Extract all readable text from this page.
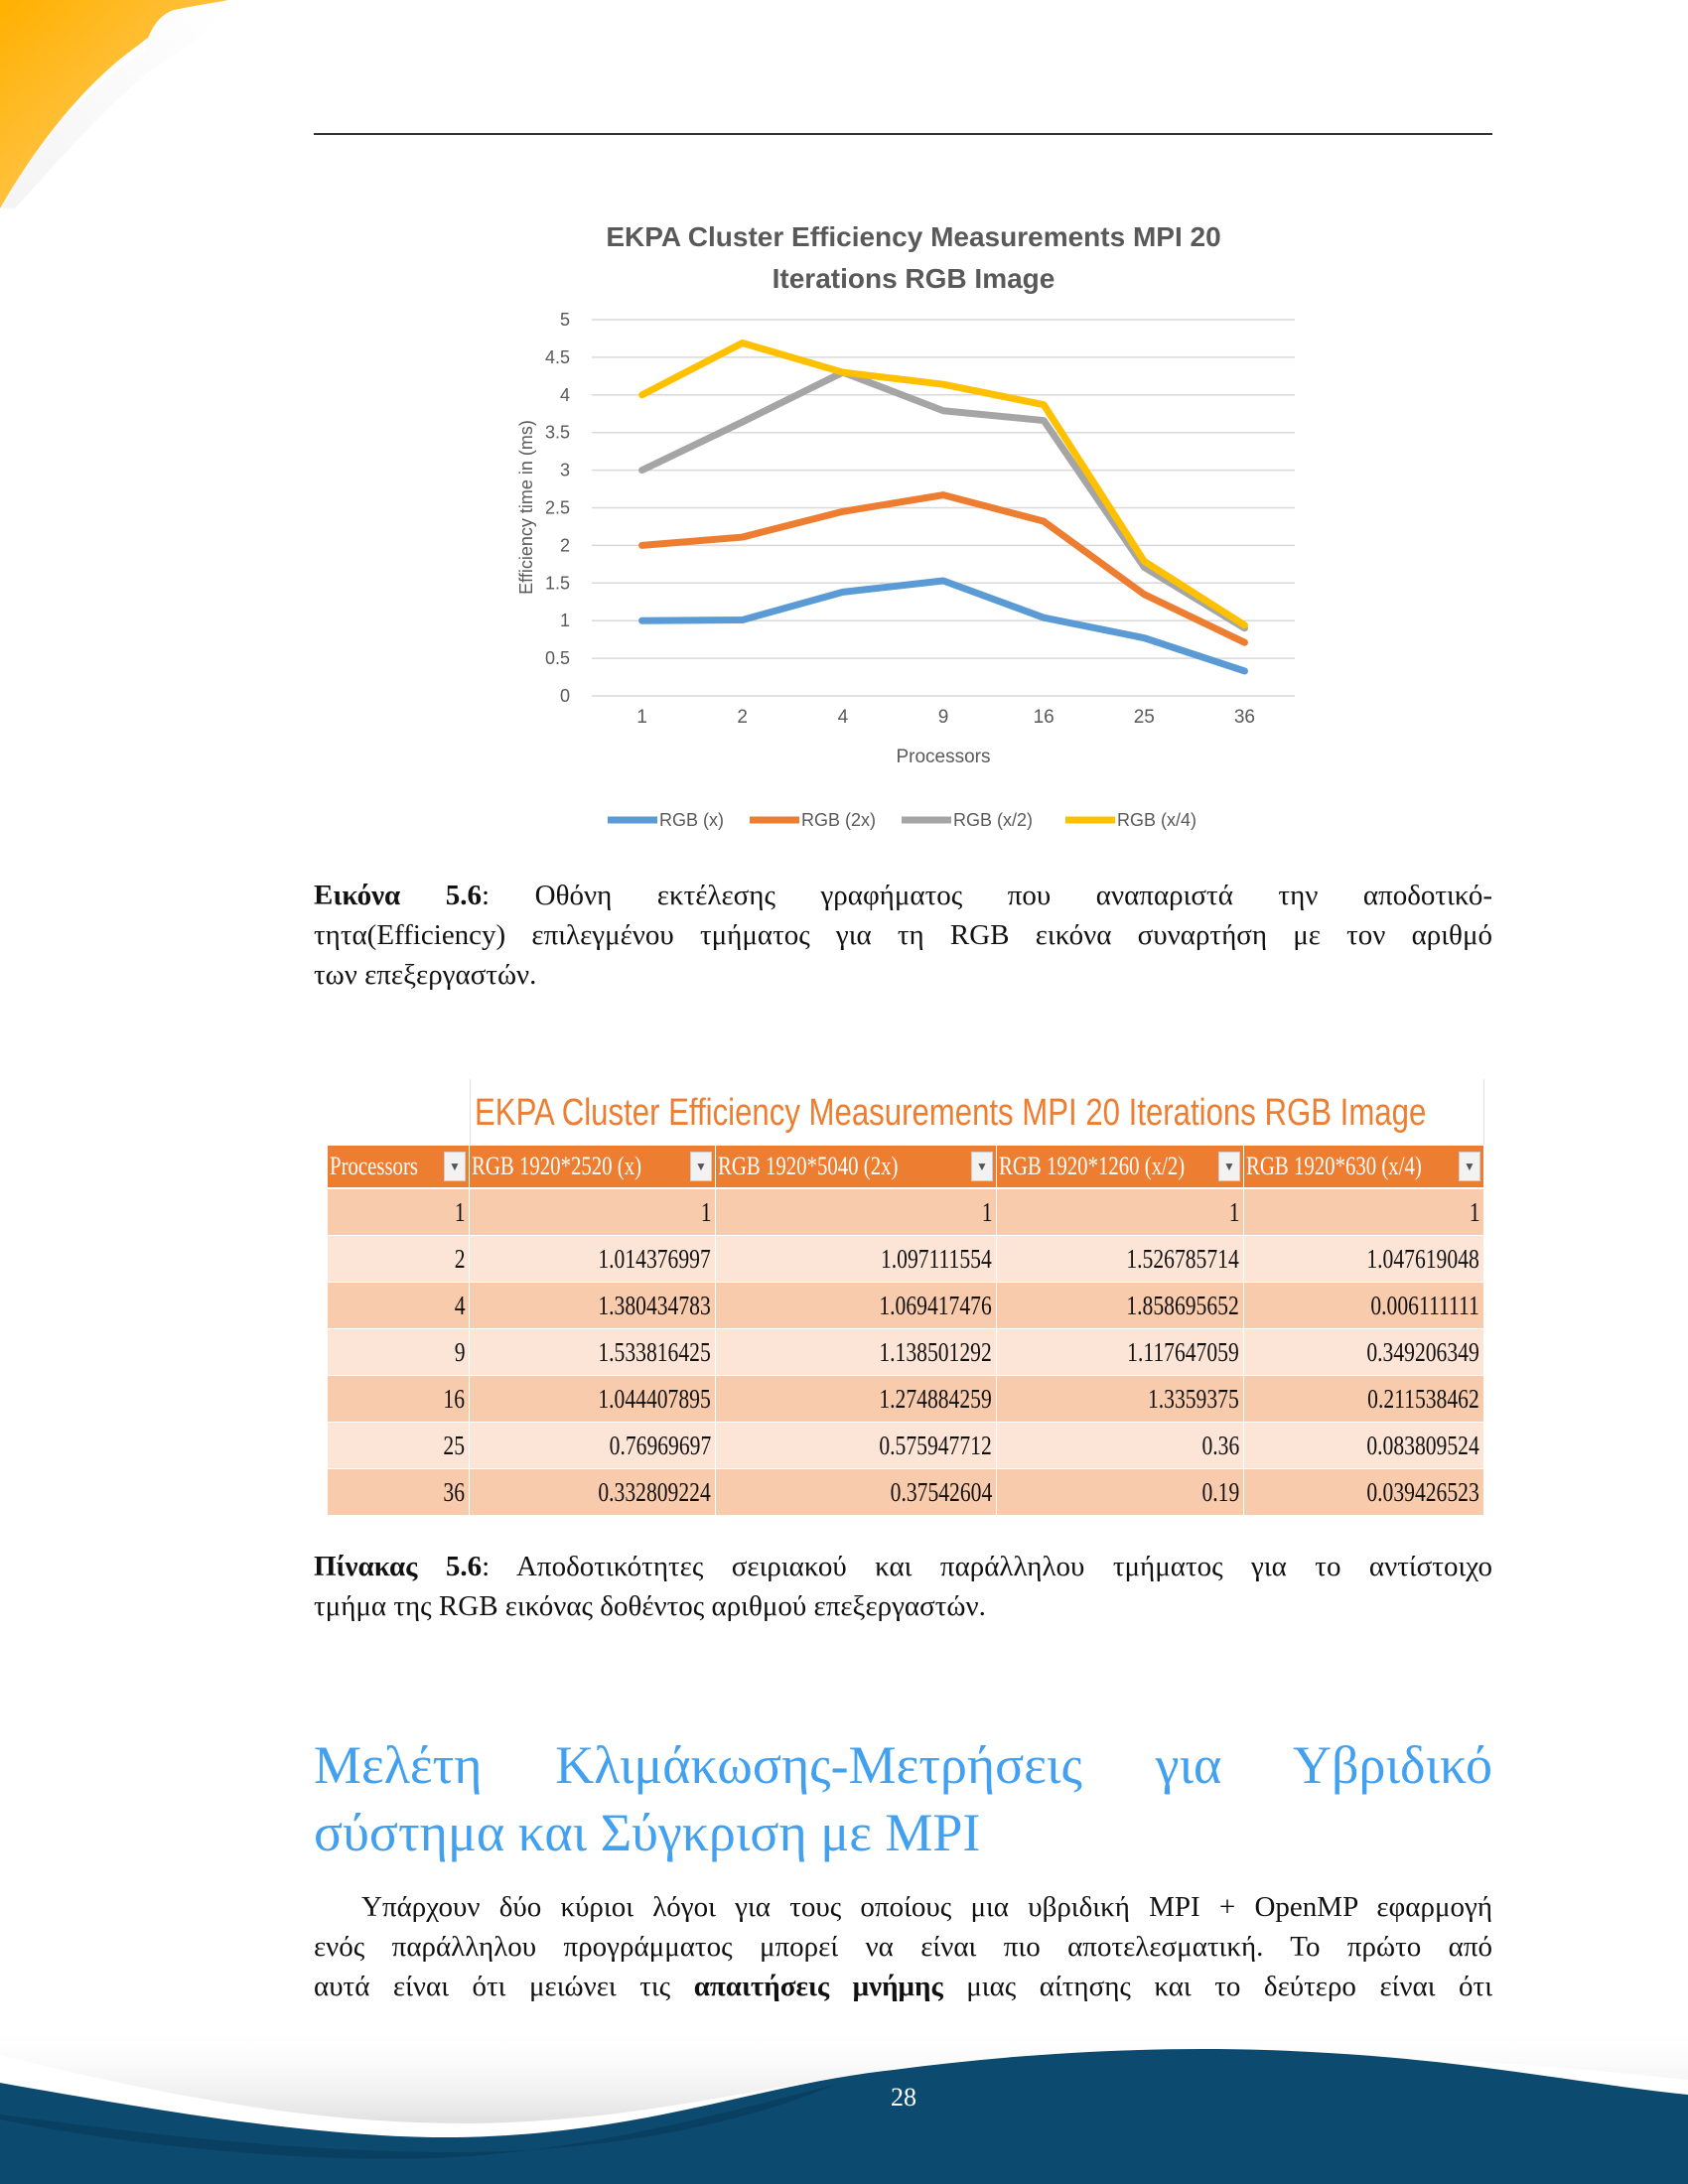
EKPA Cluster Efficiency Measurements MPI 20
Iterations RGB Image
Efficiency time in (ms)
Processors
0
0.5
1
1.5
2
2.5
3
3.5
4
4.5
5
1	2	4	9	16	25	36
RGB (x)	RGB (2x)	RGB (x/2)	RGB (x/4)
Εικόνα 5.6: Οθόνη εκτέλεσης γραφήματος που αναπαριστά την αποδοτικό-
τητα(Efficiency) επιλεγμένου τμήματος για τη RGB εικόνα συναρτήση με τον αριθμό
των επεξεργαστών.
EKPA Cluster Efficiency Measurements MPI 20 Iterations RGB Image
Processors	▼ RGB 1920*2520 (x)	▼ RGB 1920*5040 (2x)	▼ RGB 1920*1260 (x/2)	▼ RGB 1920*630 (x/4)	▼
1	1	1	1	1
2	1.014376997	1.097111554	1.526785714	1.047619048
4	1.380434783	1.069417476	1.858695652	0.006111111
9	1.533816425	1.138501292	1.117647059	0.349206349
16	1.044407895	1.274884259	1.3359375	0.211538462
25	0.76969697	0.575947712	0.36	0.083809524
36	0.332809224	0.37542604	0.19	0.039426523
Πίνακας 5.6: Αποδοτικότητες σειριακού και παράλληλου τμήματος για το αντίστοιχο
τμήμα της RGB εικόνας δοθέντος αριθμού επεξεργαστών.
Μελέτη Κλιμάκωσης-Μετρήσεις για Υβριδικό
σύστημα και Σύγκριση με MPI
Υπάρχουν δύο κύριοι λόγοι για τους οποίους μια υβριδική MPI + OpenMP εφαρμογή
ενός παράλληλου προγράμματος μπορεί να είναι πιο αποτελεσματική. Το πρώτο από
αυτά είναι ότι μειώνει τις απαιτήσεις μνήμης μιας αίτησης και το δεύτερο είναι ότι
28
